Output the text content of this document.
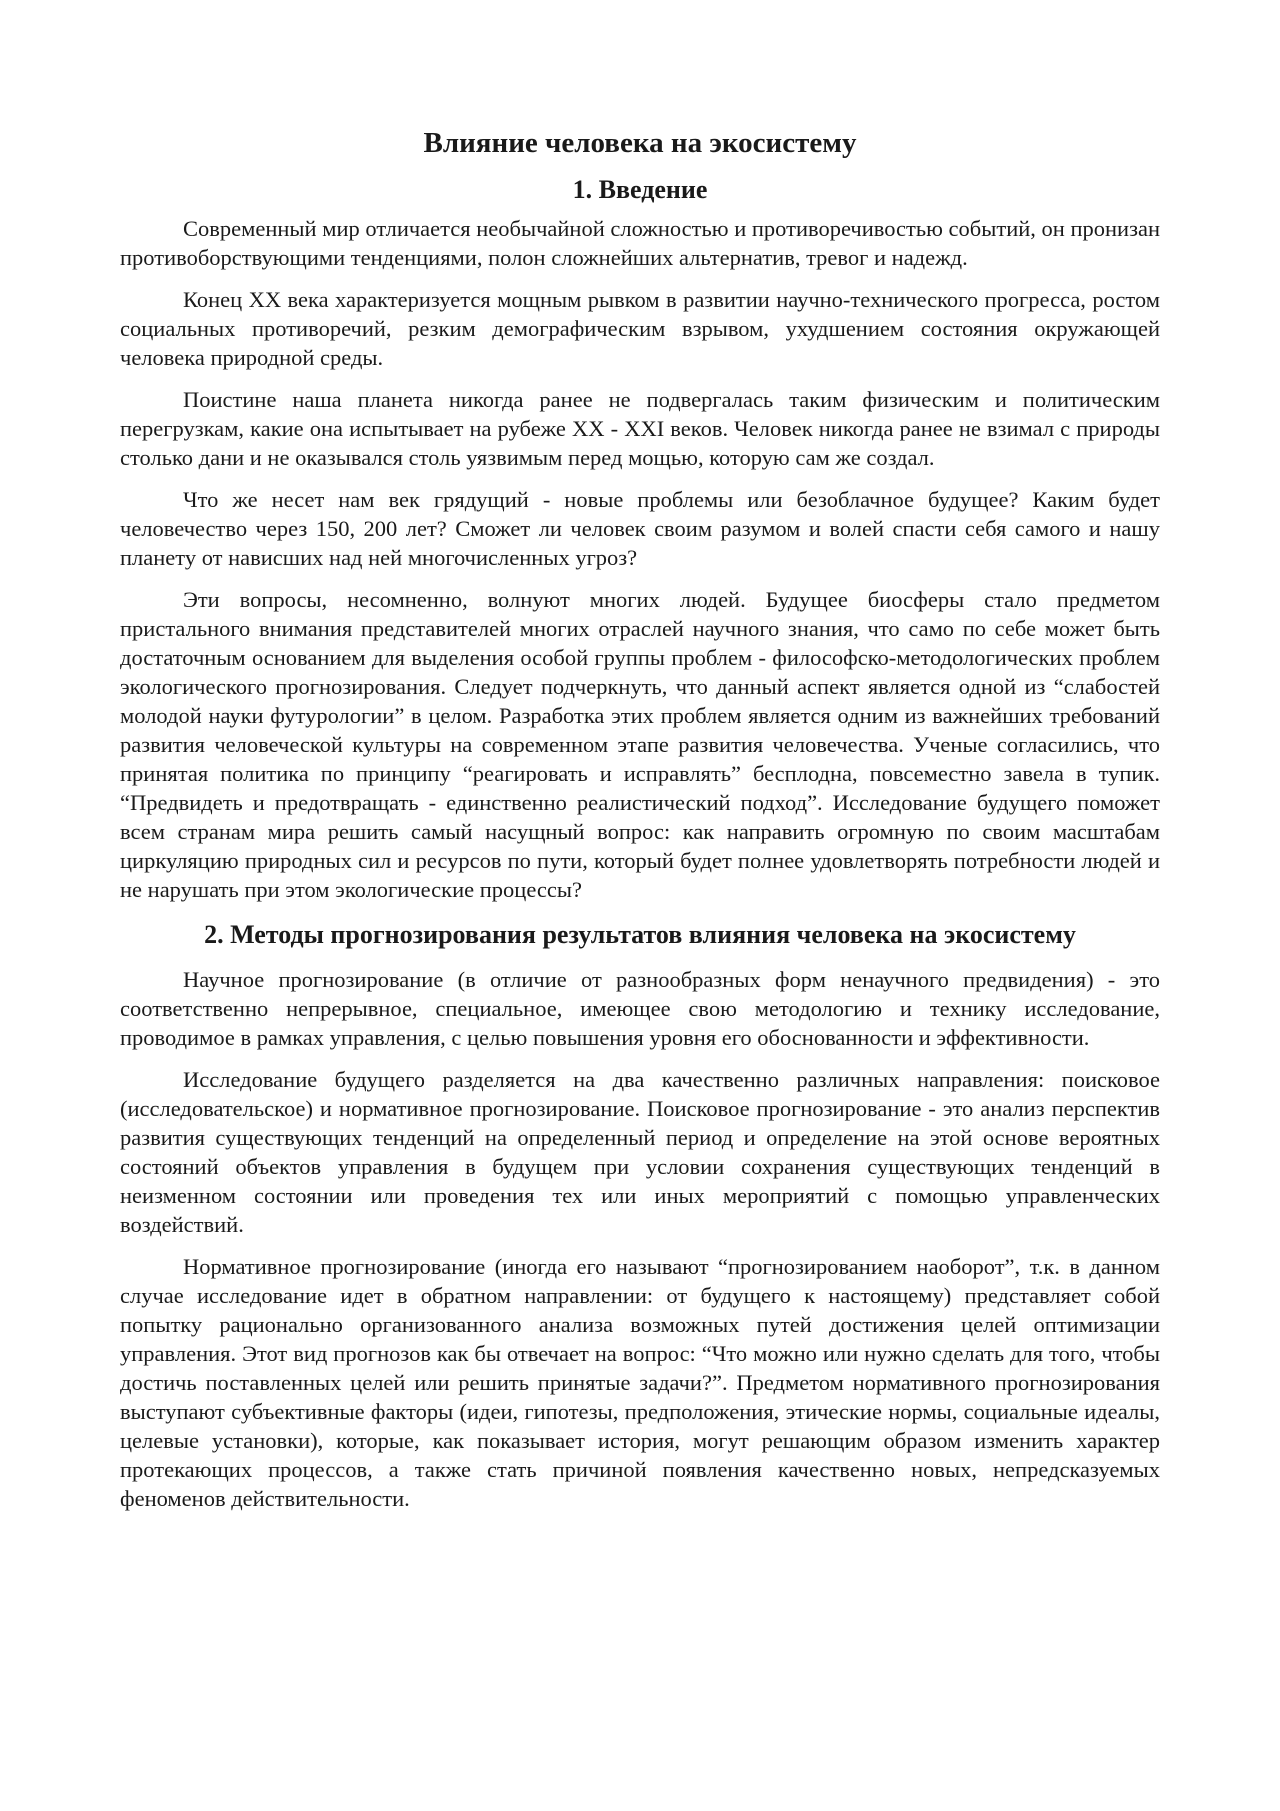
Влияние человека на экосистему
1. Введение

Современный мир отличается необычайной сложностью и противоречивостью событий, он пронизан противоборствующими тенденциями, полон сложнейших альтернатив, тревог и надежд.

Конец XX века характеризуется мощным рывком в развитии научно-технического прогресса, ростом социальных противоречий, резким демографическим взрывом, ухудшением состояния окружающей человека природной среды.

Поистине наша планета никогда ранее не подвергалась таким физическим и политическим перегрузкам, какие она испытывает на рубеже XX - XXI веков. Человек никогда ранее не взимал с природы столько дани и не оказывался столь уязвимым перед мощью, которую сам же создал.

Что же несет нам век грядущий - новые проблемы или безоблачное будущее? Каким будет человечество через 150, 200 лет? Сможет ли человек своим разумом и волей спасти себя самого и нашу планету от нависших над ней многочисленных угроз?

Эти вопросы, несомненно, волнуют многих людей. Будущее биосферы стало предметом пристального внимания представителей многих отраслей научного знания, что само по себе может быть достаточным основанием для выделения особой группы проблем - философско-методологических проблем экологического прогнозирования. Следует подчеркнуть, что данный аспект является одной из “слабостей молодой науки футурологии” в целом. Разработка этих проблем является одним из важнейших требований развития человеческой культуры на современном этапе развития человечества. Ученые согласились, что принятая политика по принципу “реагировать и исправлять” бесплодна, повсеместно завела в тупик. “Предвидеть и предотвращать - единственно реалистический подход”. Исследование будущего поможет всем странам мира решить самый насущный вопрос: как направить огромную по своим масштабам циркуляцию природных сил и ресурсов по пути, который будет полнее удовлетворять потребности людей и не нарушать при этом экологические процессы?

2. Методы прогнозирования результатов влияния человека на экосистему

Научное прогнозирование (в отличие от разнообразных форм ненаучного предвидения) - это соответственно непрерывное, специальное, имеющее свою методологию и технику исследование, проводимое в рамках управления, с целью повышения уровня его обоснованности и эффективности.

Исследование будущего разделяется на два качественно различных направления: поисковое (исследовательское) и нормативное прогнозирование. Поисковое прогнозирование - это анализ перспектив развития существующих тенденций на определенный период и определение на этой основе вероятных состояний объектов управления в будущем при условии сохранения существующих тенденций в неизменном состоянии или проведения тех или иных мероприятий с помощью управленческих воздействий.

Нормативное прогнозирование (иногда его называют “прогнозированием наоборот”, т.к. в данном случае исследование идет в обратном направлении: от будущего к настоящему) представляет собой попытку рационально организованного анализа возможных путей достижения целей оптимизации управления. Этот вид прогнозов как бы отвечает на вопрос: “Что можно или нужно сделать для того, чтобы достичь поставленных целей или решить принятые задачи?”. Предметом нормативного прогнозирования выступают субъективные факторы (идеи, гипотезы, предположения, этические нормы, социальные идеалы, целевые установки), которые, как показывает история, могут решающим образом изменить характер протекающих процессов, а также стать причиной появления качественно новых, непредсказуемых феноменов действительности.
